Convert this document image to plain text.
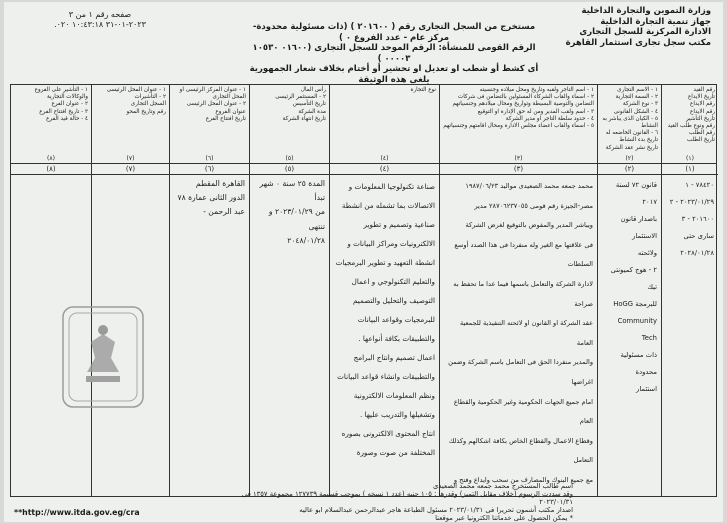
وزارة التموين والتجارة الداخلية
جهاز تنمية التجارة الداخلية
الادارة المركزية للسجل التجارى
مكتب سجل تجارى استثمار القاهرة
مستخرج من السجل التجارى رقم ( ٢٠١٦٠٠ ) (ذات مسئولية محدودة-مركز عام - عدد الفروع ٠ )
الرقم القومى للمنشأة: الرقم الموحد للسجل التجارى (٠١٦٠٠ ١٠٥٣٠ ٠٠٠٠٣ )
أى كشط أو شطب او تعديل او تحشير أو أختام بخلاف شعار الجمهورية يلغى هذه الوثيقة
صفحه رقم ١ من ٣
٢٠٢٣-٠١-٣١ ١٠:٤٣:١٨ ٠٢٠.
١ - التأشير على الفروع والوكالات التجارية
٢ - عنوان الفرع
٣ - تاريخ افتتاح الفرع
٤ - حالة قيد الفرع
(٨)
١ - عنوان المحل الرئيسى
٢ - التأشيرات
السجل التجارى
رقم وتاريخ المحو
(٧)
١ - عنوان المركز الرئيسى او المحل التجارى
٢ - عنوان المحل الرئيسى
عنوان الفروع
تاريخ افتتاح الفرع
(٦)
رأس المال
٢ - المستثمر الرئيسى
تاريخ التأسيس
مدة الشركة
تاريخ انتهاء الشركة
(٥)
نوع التجارة
(٤)
١ - اسم التاجر ولقبه وتاريخ ومحل ميلاده وجنسيته
٢ - اسماء والقاب الشركاء المسئولين بالتضامن فى شركات التضامن والتوصية البسيطة وتواريخ ومحال ميلادهم وجنسياتهم
٣ - اسم ولقب المدير ومن له حق الإدارة او التوقيع
٤ - حدود سلطة التاجر او مدير الشركة
٥ - اسماء والقاب اعضاء مجلس الادارة ومحال اقامتهم وجنسياتهم
(٣)
١ - الاسم التجارى
٢ - السمة التجارية
٣ - نوع الشركة
٤ - الشكل القانونى
٥ - الكيان الذى يباشر به النشاط
٦ - القانون الخاضعه له
تاريخ بدء النشاط
تاريخ نشر عقد الشركة
(٢)
رقم القيد
تاريخ الايداع
رقم الايداع
رقم الايداع
تاريخ التأشير
رقم ونوع طلب القيد
رقم الطلب
تاريخ الطلب
(١)
(٨)	(٧)	(٦)
القاهرة المقطم
الدور الثانى عمارة ٧٨
عبد الرحمن -
(٥)
المدة ٢٥ سنة ٠ شهر تبدأ
من ٢٠٢٣/٠١/٢٩ و تنتهى
٢٠٤٨/٠١/٢٨
(٤)
صناعة تكنولوجيا المعلومات و
الاتصالات بما تشمله من انشطة
صناعية وتصميم و تطوير
الالكترونيات ومراكز البيانات و
انشطة التعهيد و تطوير البرمجيات
والتعليم التكنولوجي و اعمال
التوصيف والتحليل والتصميم
للبرمجيات وقواعد البيانات
والتطبيقات بكافة أنواعها .
اعمال تصميم وانتاج البرامج
والتطبيقات وانشاء قواعد البيانات
ونظم المعلومات الالكترونية
وتشغيلها والتدريب عليها .
انتاج المحتوى الالكترونى بصوره
المختلفة من صوت وصورة
(٣)
محمد جمعه محمد الصعيدى مواليد ١٩٨٧/٠٦/٢٣
مصر-الجيزة رقم قومى ٢٨٧٠٦٢٣٧٠٥٥ مدير
ويباشر المدير والمفوض بالتوقيع لغرض الشركة
فى علاقتها مع الغير وله منفردا فى هذا الصدد أوسع السلطات
لادارة الشركة والتعامل باسمها فيما عدا ما تحفظ به صراحة
عقد الشركة او القانون او لائحته التنفيذية للجمعية العامة
والمدير منفردا الحق فى التعامل باسم الشركة وضمن اغراضها
امام جميع الجهات الحكومية وغير الحكومية والقطاع العام
وقطاع الاعمال والقطاع الخاص بكافة اشكالهم وكذلك التعامل
مع جميع البنوك والمصارف من سحب وايداع وفتح و

(٢)
قانون ٧٢ لسنة ٢٠١٧
باصدار قانون الاستثمار
ولائحته
٢ - هوج كميونتى تيك
للبرمجة HoGG
Community Tech
ذات مسئولية محدودة
استثمار
(١)
٧٨٤٢٠ - ١
٢٠٢٣/٠١/٢٩ - ٢
٢٠١٦٠٠ - ٣
سارى حتى
٢٠٢٨/٠١/٢٨
اسم طالب المستخرج محمد جمعه محمد الصعيدى
وقد سددت الرسوم (خلاف مقابل التميز) وقدرها : ١٠٥ جنيه (عدد ١ نسخه ) بموجب قسيمة ١٢٧٧٣٩ مجموعة ١٣٥٧ فى ٢٠٢٣/٠١/٣١
اصدار مكتب أشمون تحريرا فى ٢٠٢٣/٠١/٣١ مسئول الطباعة هاجر عبدالرحمن عبدالسلام ابو عاليه
* يمكن الحصول على خدماتنا الكترونيا عبر موقعنا
**http://www.itda.gov.eg/cra
